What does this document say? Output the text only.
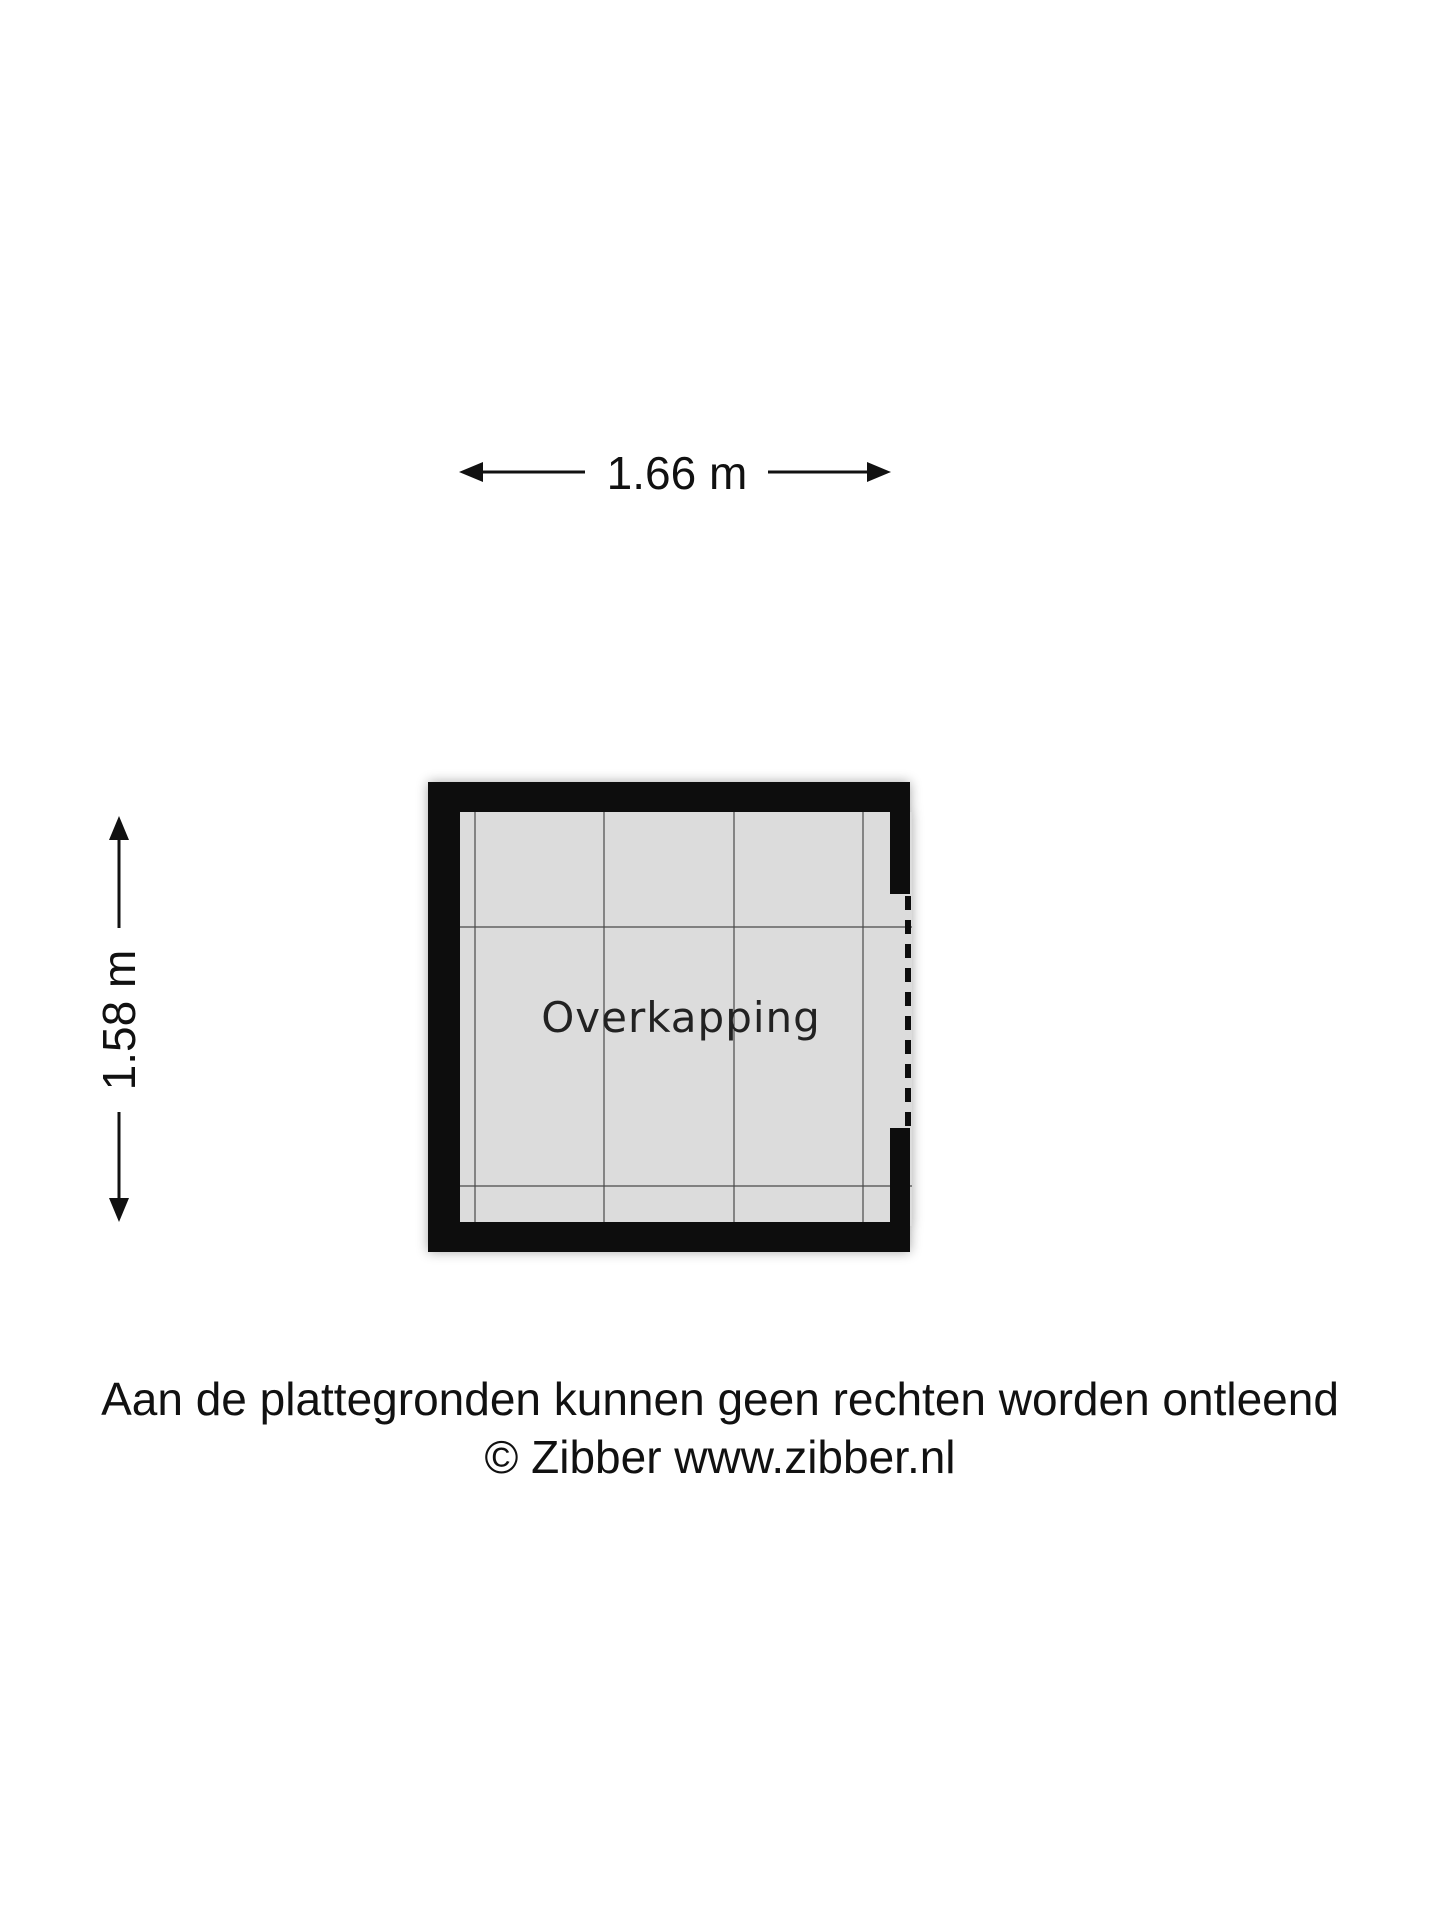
1.66 m
1.58 m	Overkapping
Aan de plattegronden kunnen geen rechten worden ontleend
© Zibber www.zibber.nl
